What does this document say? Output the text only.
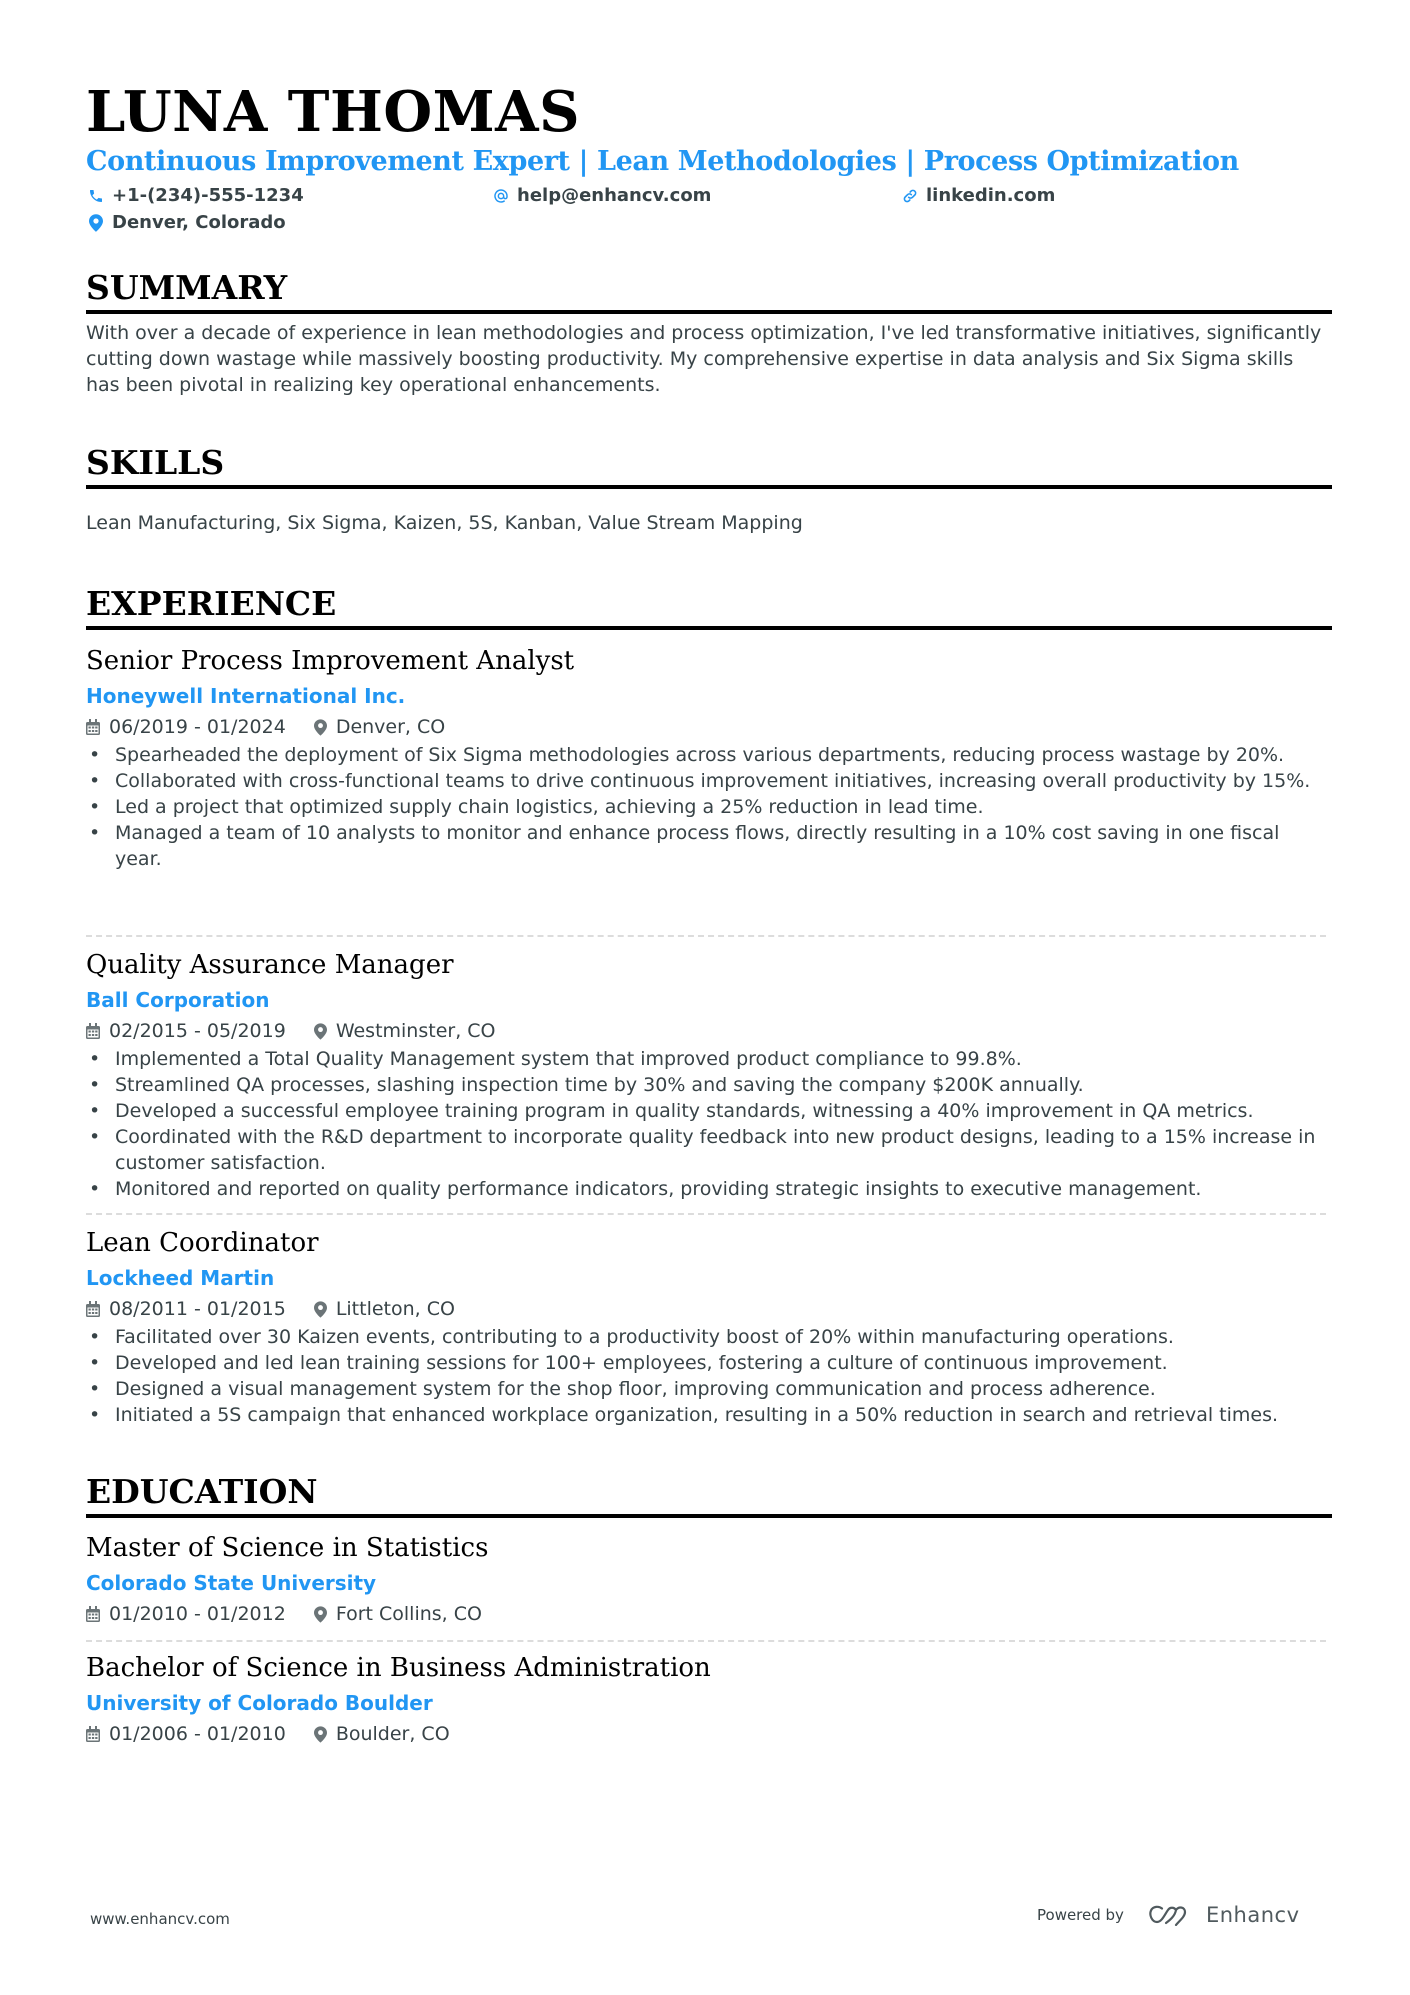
LUNA THOMAS
Continuous Improvement Expert | Lean Methodologies | Process Optimization
+1-(234)-555-1234	help@enhancv.com	linkedin.com
Denver, Colorado
SUMMARY
With over a decade of experience in lean methodologies and process optimization, I've led transformative initiatives, significantly cutting down wastage while massively boosting productivity. My comprehensive expertise in data analysis and Six Sigma skills has been pivotal in realizing key operational enhancements.
SKILLS
Lean Manufacturing, Six Sigma, Kaizen, 5S, Kanban, Value Stream Mapping
EXPERIENCE
Senior Process Improvement Analyst
Honeywell International Inc.
06/2019 - 01/2024	Denver, CO
• Spearheaded the deployment of Six Sigma methodologies across various departments, reducing process wastage by 20%.
• Collaborated with cross-functional teams to drive continuous improvement initiatives, increasing overall productivity by 15%.
• Led a project that optimized supply chain logistics, achieving a 25% reduction in lead time.
• Managed a team of 10 analysts to monitor and enhance process flows, directly resulting in a 10% cost saving in one fiscal year.
Quality Assurance Manager
Ball Corporation
02/2015 - 05/2019	Westminster, CO
• Implemented a Total Quality Management system that improved product compliance to 99.8%.
• Streamlined QA processes, slashing inspection time by 30% and saving the company $200K annually.
• Developed a successful employee training program in quality standards, witnessing a 40% improvement in QA metrics.
• Coordinated with the R&D department to incorporate quality feedback into new product designs, leading to a 15% increase in customer satisfaction.
• Monitored and reported on quality performance indicators, providing strategic insights to executive management.
Lean Coordinator
Lockheed Martin
08/2011 - 01/2015	Littleton, CO
• Facilitated over 30 Kaizen events, contributing to a productivity boost of 20% within manufacturing operations.
• Developed and led lean training sessions for 100+ employees, fostering a culture of continuous improvement.
• Designed a visual management system for the shop floor, improving communication and process adherence.
• Initiated a 5S campaign that enhanced workplace organization, resulting in a 50% reduction in search and retrieval times.
EDUCATION
Master of Science in Statistics
Colorado State University
01/2010 - 01/2012	Fort Collins, CO
Bachelor of Science in Business Administration
University of Colorado Boulder
01/2006 - 01/2010	Boulder, CO
www.enhancv.com	Powered by	Enhancv
